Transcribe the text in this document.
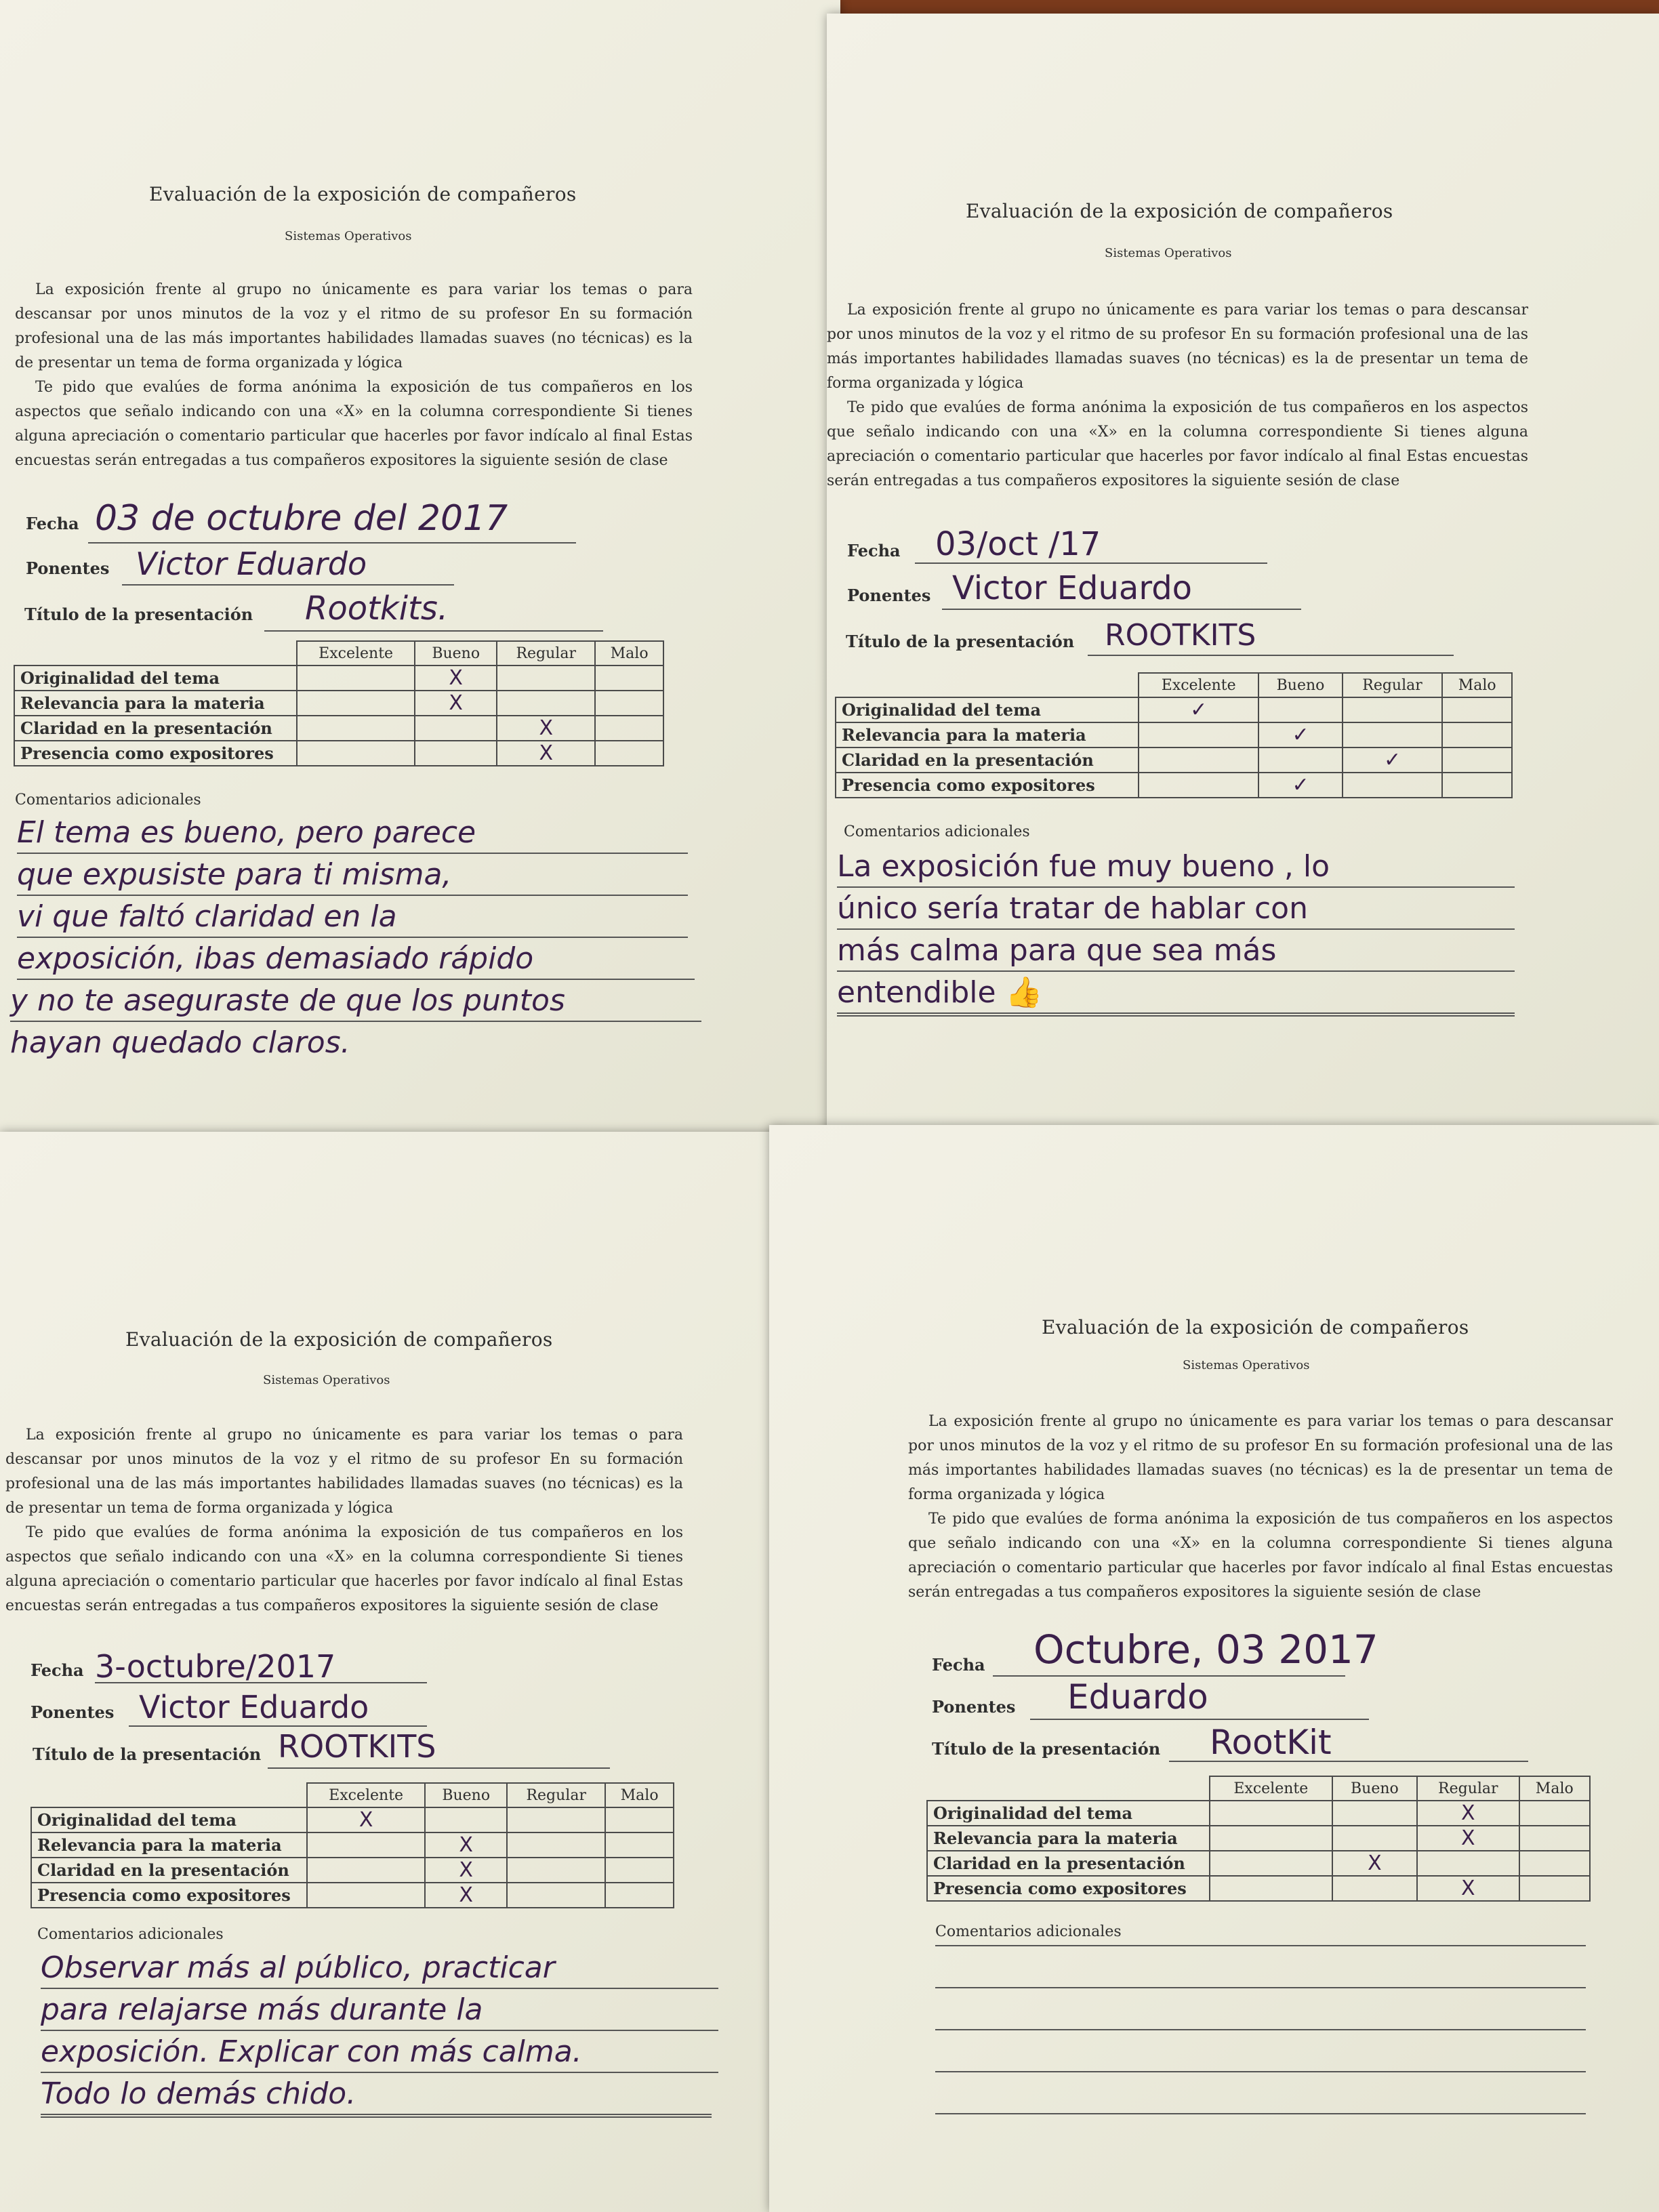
Evaluación de la exposición de compañeros
Sistemas Operativos

La exposición frente al grupo no únicamente es para variar los temas o para descansar por unos minutos de la voz y el ritmo de su profesor En su formación profesional una de las más importantes habilidades llamadas suaves (no técnicas) es la de presentar un tema de forma organizada y lógica

Te pido que evalúes de forma anónima la exposición de tus compañeros en los aspectos que señalo indicando con una «X» en la columna correspondiente Si tienes alguna apreciación o comentario particular que hacerles por favor indícalo al final Estas encuestas serán entregadas a tus compañeros expositores la siguiente sesión de clase

Fecha 03 de octubre del 2017
Ponentes Victor Eduardo
Título de la presentación Rootkits.
	Excelente	Bueno	Regular	Malo
Originalidad del tema		X		
Relevancia para la materia		X		
Claridad en la presentación			X	
Presencia como expositores			X	
Comentarios adicionales
El tema es bueno, pero parece
que expusiste para ti misma,
vi que faltó claridad en la
exposición, ibas demasiado rápido
y no te aseguraste de que los puntos
hayan quedado claros.
Evaluación de la exposición de compañeros
Sistemas Operativos

La exposición frente al grupo no únicamente es para variar los temas o para descansar por unos minutos de la voz y el ritmo de su profesor En su formación profesional una de las más importantes habilidades llamadas suaves (no técnicas) es la de presentar un tema de forma organizada y lógica

Te pido que evalúes de forma anónima la exposición de tus compañeros en los aspectos que señalo indicando con una «X» en la columna correspondiente Si tienes alguna apreciación o comentario particular que hacerles por favor indícalo al final Estas encuestas serán entregadas a tus compañeros expositores la siguiente sesión de clase

Fecha 03/oct /17
Ponentes Victor Eduardo
Título de la presentación ROOTKITS
	Excelente	Bueno	Regular	Malo
Originalidad del tema	✓			
Relevancia para la materia		✓		
Claridad en la presentación			✓	
Presencia como expositores		✓		
Comentarios adicionales
La exposición fue muy bueno , lo
único sería tratar de hablar con
más calma para que sea más
entendible 👍
Evaluación de la exposición de compañeros
Sistemas Operativos

La exposición frente al grupo no únicamente es para variar los temas o para descansar por unos minutos de la voz y el ritmo de su profesor En su formación profesional una de las más importantes habilidades llamadas suaves (no técnicas) es la de presentar un tema de forma organizada y lógica

Te pido que evalúes de forma anónima la exposición de tus compañeros en los aspectos que señalo indicando con una «X» en la columna correspondiente Si tienes alguna apreciación o comentario particular que hacerles por favor indícalo al final Estas encuestas serán entregadas a tus compañeros expositores la siguiente sesión de clase

Fecha 3-octubre/2017
Ponentes Victor Eduardo
Título de la presentación ROOTKITS
	Excelente	Bueno	Regular	Malo
Originalidad del tema	X			
Relevancia para la materia		X		
Claridad en la presentación		X		
Presencia como expositores		X		
Comentarios adicionales
Observar más al público, practicar
para relajarse más durante la
exposición. Explicar con más calma.
Todo lo demás chido.
Evaluación de la exposición de compañeros
Sistemas Operativos

La exposición frente al grupo no únicamente es para variar los temas o para descansar por unos minutos de la voz y el ritmo de su profesor En su formación profesional una de las más importantes habilidades llamadas suaves (no técnicas) es la de presentar un tema de forma organizada y lógica

Te pido que evalúes de forma anónima la exposición de tus compañeros en los aspectos que señalo indicando con una «X» en la columna correspondiente Si tienes alguna apreciación o comentario particular que hacerles por favor indícalo al final Estas encuestas serán entregadas a tus compañeros expositores la siguiente sesión de clase

Fecha Octubre, 03 2017
Ponentes Eduardo
Título de la presentación RootKit
	Excelente	Bueno	Regular	Malo
Originalidad del tema			X	
Relevancia para la materia			X	
Claridad en la presentación		X		
Presencia como expositores			X	
Comentarios adicionales
